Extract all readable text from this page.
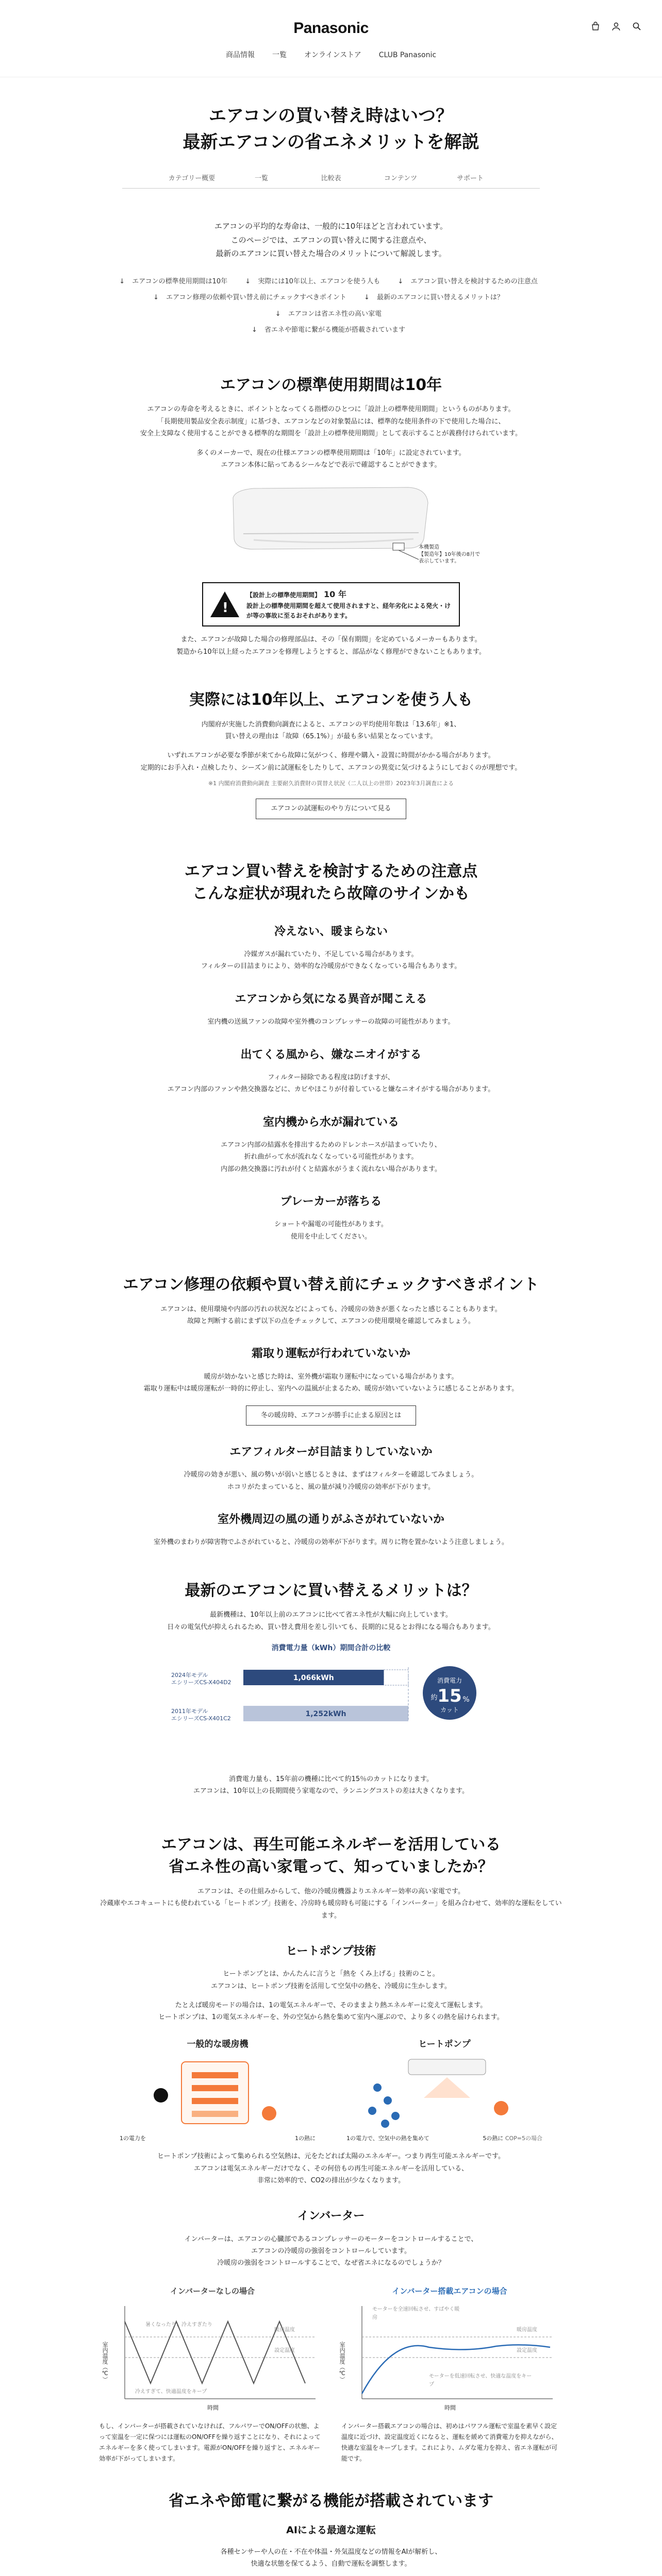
Panasonic
商品情報 一覧 オンラインストア CLUB Panasonic
エアコンの買い替え時はいつ？
最新エアコンの省エネメリットを解説
カテゴリー概要	一覧	比較表	コンテンツ	サポート
エアコンの平均的な寿命は、一般的に10年ほどと言われています。
このページでは、エアコンの買い替えに関する注意点や、
最新のエアコンに買い替えた場合のメリットについて解説します。
↓ エアコンの標準使用期間は10年	↓ 実際には10年以上、エアコンを使う人も	↓ エアコン買い替えを検討するための注意点
↓ エアコン修理の依頼や買い替え前にチェックすべきポイント	↓ 最新のエアコンに買い替えるメリットは？ ↓ エアコンは省エネ性の高い家電
↓ 省エネや節電に繋がる機能が搭載されています
エアコンの標準使用期間は10年

エアコンの寿命を考えるときに、ポイントとなってくる指標のひとつに「設計上の標準使用期間」というものがあります。
「長期使用製品安全表示制度」に基づき、エアコンなどの対象製品には、標準的な使用条件の下で使用した場合に、
安全上支障なく使用することができる標準的な期間を「設計上の標準使用期間」として表示することが義務付けられています。

多くのメーカーで、現在の仕様エアコンの標準使用期間は「10年」に設定されています。
エアコン本体に貼ってあるシールなどで表示で確認することができます。

本機製造
【製造年】10年後の8月で
表示しています。
!
【設計上の標準使用期間】　 10 年
設計上の標準使用期間を超えて使用されますと、経年劣化による発火・けが等の事故に至るおそれがあります。

また、エアコンが故障した場合の修理部品は、その「保有期間」を定めているメーカーもあります。
製造から10年以上経ったエアコンを修理しようとすると、部品がなく修理ができないこともあります。

実際には10年以上、エアコンを使う人も

内閣府が実施した消費動向調査によると、エアコンの平均使用年数は「13.6年」※1、
買い替えの理由は「故障（65.1%）」が最も多い結果となっています。

いずれエアコンが必要な季節が来てから故障に気がつく、修理や購入・設置に時間がかかる場合があります。
定期的にお手入れ・点検したり、シーズン前に試運転をしたりして、エアコンの異変に気づけるようにしておくのが理想です。

※1 内閣府消費動向調査 主要耐久消費財の買替え状況（二人以上の世帯）2023年3月調査による
エアコンの試運転のやり方について見る
エアコン買い替えを検討するための注意点
こんな症状が現れたら故障のサインかも
冷えない、暖まらない

冷媒ガスが漏れていたり、不足している場合があります。
フィルターの目詰まりにより、効率的な冷暖房ができなくなっている場合もあります。

エアコンから気になる異音が聞こえる

室内機の送風ファンの故障や室外機のコンプレッサーの故障の可能性があります。

出てくる風から、嫌なニオイがする

フィルター掃除である程度は防げますが、
エアコン内部のファンや熱交換器などに、カビやほこりが付着していると嫌なニオイがする場合があります。

室内機から水が漏れている

エアコン内部の結露水を排出するためのドレンホースが詰まっていたり、
折れ曲がって水が流れなくなっている可能性があります。
内部の熱交換器に汚れが付くと結露水がうまく流れない場合があります。

ブレーカーが落ちる

ショートや漏電の可能性があります。
使用を中止してください。

エアコン修理の依頼や買い替え前にチェックすべきポイント

エアコンは、使用環境や内部の汚れの状況などによっても、冷暖房の効きが悪くなったと感じることもあります。
故障と判断する前にまず以下の点をチェックして、エアコンの使用環境を確認してみましょう。

霜取り運転が行われていないか

暖房が効かないと感じた時は、室外機が霜取り運転中になっている場合があります。
霜取り運転中は暖房運転が一時的に停止し、室内への温風が止まるため、暖房が効いていないように感じることがあります。

冬の暖房時、エアコンが勝手に止まる原因とは
エアフィルターが目詰まりしていないか

冷暖房の効きが悪い、風の勢いが弱いと感じるときは、まずはフィルターを確認してみましょう。
ホコリがたまっていると、風の量が減り冷暖房の効率が下がります。

室外機周辺の風の通りがふさがれていないか

室外機のまわりが障害物でふさがれていると、冷暖房の効率が下がります。周りに物を置かないよう注意しましょう。

最新のエアコンに買い替えるメリットは？

最新機種は、10年以上前のエアコンに比べて省エネ性が大幅に向上しています。
日々の電気代が抑えられるため、買い替え費用を差し引いても、長期的に見るとお得になる場合もあります。

消費電力量（kWh）期間合計の比較
2024年モデル
エシリーズCS-X404D2
1,066kWh
2011年モデル
エシリーズCS-X401C2
1,252kWh
消費電力
約 15 %
カット

消費電力量も、15年前の機種に比べて約15％のカットになります。
エアコンは、10年以上の長期間使う家電なので、ランニングコストの差は大きくなります。

エアコンは、再生可能エネルギーを活用している
省エネ性の高い家電って、知っていましたか？

エアコンは、その仕組みからして、他の冷暖房機器よりエネルギー効率の高い家電です。
冷蔵庫やエコキュートにも使われている「ヒートポンプ」技術を、冷房時も暖房時も可能にする「インバーター」を組み合わせて、効率的な運転をしています。

ヒートポンプ技術

ヒートポンプとは、かんたんに言うと「熱を くみ上げる」技術のこと。
エアコンは、ヒートポンプ技術を活用して空気中の熱を、冷暖房に生かします。

たとえば暖房モードの場合は、1の電気エネルギーで、そのままより熱エネルギーに変えて運転します。
ヒートポンプは、1の電気エネルギーを、外の空気から熱を集めて室内へ運ぶので、より多くの熱を届けられます。

一般的な暖房機
1の電力を	1の熱に
ヒートポンプ
1の電力で、空気中の熱を集めて	5の熱に COP=5の場合

ヒートポンプ技術によって集められる空気熱は、元をたどれば太陽のエネルギー。つまり再生可能エネルギーです。
エアコンは電気エネルギーだけでなく、その何倍もの再生可能エネルギーを活用している、
非常に効率的で、CO2の排出が少なくなります。

インバーター

インバーターは、エアコンの心臓部であるコンプレッサーのモーターをコントロールすることで、
エアコンの冷暖房の強弱をコントロールしています。
冷暖房の強弱をコントロールすることで、なぜ省エネになるのでしょうか？

インバーターなしの場合
室内温度（℃）
暖房温度
設定温度
暑くなったり、冷えすぎたり
冷えすぎて、快適温度をキープ
時間
インバーター搭載エアコンの場合
室内温度（℃）
モーターを全速回転させ、すばやく暖房
暖房温度
設定温度
モーターを低速回転させ、快適な温度をキープ
時間
もし、インバーターが搭載されていなければ、フルパワーでON/OFFの状態、よって室温を一定に保つには運転のON/OFFを繰り返すことになり、それによってエネルギーを多く使ってしまいます。電源がON/OFFを繰り返すと、エネルギー効率が下がってしまいます。
インバーター搭載エアコンの場合は、初めはパワフル運転で室温を素早く設定温度に近づけ、設定温度近くになると、運転を緩めて消費電力を抑えながら、快適な室温をキープします。これにより、ムダな電力を抑え、省エネ運転が可能です。
省エネや節電に繋がる機能が搭載されています
AIによる最適な運転

各種センサーや人の在・不在や体温・外気温度などの情報をAIが解析し、
快適な状態を保てるよう、自動で運転を調整します。
